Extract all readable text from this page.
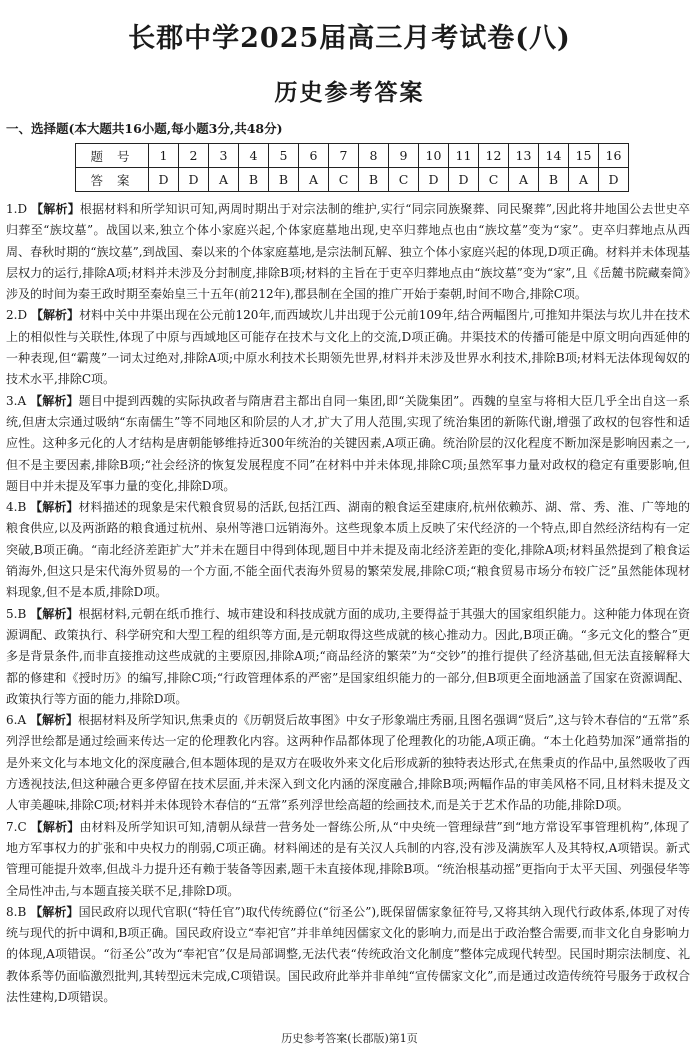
长郡中学2025届高三月考试卷(八)
历史参考答案
一、选择题(本大题共16小题,每小题3分,共48分)
题号	1	2	3	4	5	6	7	8	9	10	11	12	13	14	15	16
答案	D	D	A	B	B	A	C	B	C	D	D	C	A	B	A	D

1.D 【解析】根据材料和所学知识可知,两周时期出于对宗法制的维护,实行“同宗同族聚葬、同民聚葬”,因此将井地国公去世史卒归葬至“族坟墓”。战国以来,独立个体小家庭兴起,个体家庭墓地出现,史卒归葬地点也由“族坟墓”变为“家”。吏卒归葬地点从西周、春秋时期的“族坟墓”,到战国、秦以来的个体家庭墓地,是宗法制瓦解、独立个体小家庭兴起的体现,D项正确。材料并未体现基层权力的运行,排除A项;材料并未涉及分封制度,排除B项;材料的主旨在于吏卒归葬地点由“族坟墓”变为“家”,且《岳麓书院藏秦简》涉及的时间为秦王政时期至秦始皇三十五年(前212年),郡县制在全国的推广开始于秦朝,时间不吻合,排除C项。

2.D 【解析】材料中关中井渠出现在公元前120年,而西域坎儿井出现于公元前109年,结合两幅图片,可推知井渠法与坎儿井在技术上的相似性与关联性,体现了中原与西域地区可能存在技术与文化上的交流,D项正确。井渠技术的传播可能是中原文明向西延伸的一种表现,但“霸蔑”一词太过绝对,排除A项;中原水利技术长期领先世界,材料并未涉及世界水利技术,排除B项;材料无法体现匈奴的技术水平,排除C项。

3.A 【解析】题目中提到西魏的实际执政者与隋唐君主都出自同一集团,即“关陇集团”。西魏的皇室与将相大臣几乎全出自这一系统,但唐太宗通过吸纳“东南儒生”等不同地区和阶层的人才,扩大了用人范围,实现了统治集团的新陈代谢,增强了政权的包容性和适应性。这种多元化的人才结构是唐朝能够维持近300年统治的关键因素,A项正确。统治阶层的汉化程度不断加深是影响因素之一,但不是主要因素,排除B项;“社会经济的恢复发展程度不同”在材料中并未体现,排除C项;虽然军事力量对政权的稳定有重要影响,但题目中并未提及军事力量的变化,排除D项。

4.B 【解析】材料描述的现象是宋代粮食贸易的活跃,包括江西、湖南的粮食运至建康府,杭州依赖苏、湖、常、秀、淮、广等地的粮食供应,以及两浙路的粮食通过杭州、泉州等港口远销海外。这些现象本质上反映了宋代经济的一个特点,即自然经济结构有一定突破,B项正确。“南北经济差距扩大”并未在题目中得到体现,题目中并未提及南北经济差距的变化,排除A项;材料虽然提到了粮食运销海外,但这只是宋代海外贸易的一个方面,不能全面代表海外贸易的繁荣发展,排除C项;“粮食贸易市场分布较广泛”虽然能体现材料现象,但不是本质,排除D项。

5.B 【解析】根据材料,元朝在纸币推行、城市建设和科技成就方面的成功,主要得益于其强大的国家组织能力。这种能力体现在资源调配、政策执行、科学研究和大型工程的组织等方面,是元朝取得这些成就的核心推动力。因此,B项正确。“多元文化的整合”更多是背景条件,而非直接推动这些成就的主要原因,排除A项;“商品经济的繁荣”为“交钞”的推行提供了经济基础,但无法直接解释大都的修建和《授时历》的编写,排除C项;“行政管理体系的严密”是国家组织能力的一部分,但B项更全面地涵盖了国家在资源调配、政策执行等方面的能力,排除D项。

6.A 【解析】根据材料及所学知识,焦秉贞的《历朝贤后故事图》中女子形象端庄秀丽,且图名强调“贤后”,这与铃木春信的“五常”系列浮世绘都是通过绘画来传达一定的伦理教化内容。这两种作品都体现了伦理教化的功能,A项正确。“本土化趋势加深”通常指的是外来文化与本地文化的深度融合,但本题体现的是双方在吸收外来文化后形成新的独特表达形式,在焦秉贞的作品中,虽然吸收了西方透视技法,但这种融合更多停留在技术层面,并未深入到文化内涵的深度融合,排除B项;两幅作品的审美风格不同,且材料未提及文人审美趣味,排除C项;材料并未体现铃木春信的“五常”系列浮世绘高超的绘画技术,而是关于艺术作品的功能,排除D项。

7.C 【解析】由材料及所学知识可知,清朝从绿营一营务处一督练公所,从“中央统一管理绿营”到“地方常设军事管理机构”,体现了地方军事权力的扩张和中央权力的削弱,C项正确。材料阐述的是有关汉人兵制的内容,没有涉及满族军人及其特权,A项错误。新式管理可能提升效率,但战斗力提升还有赖于装备等因素,题干未直接体现,排除B项。“统治根基动摇”更指向于太平天国、列强侵华等全局性冲击,与本题直接关联不足,排除D项。

8.B 【解析】国民政府以现代官职(“特任官”)取代传统爵位(“衍圣公”),既保留儒家象征符号,又将其纳入现代行政体系,体现了对传统与现代的折中调和,B项正确。国民政府设立“奉祀官”并非单纯因儒家文化的影响力,而是出于政治整合需要,而非文化自身影响力的体现,A项错误。“衍圣公”改为“奉祀官”仅是局部调整,无法代表“传统政治文化制度”整体完成现代转型。民国时期宗法制度、礼教体系等仍面临激烈批判,其转型远未完成,C项错误。国民政府此举并非单纯“宣传儒家文化”,而是通过改造传统符号服务于政权合法性建构,D项错误。

历史参考答案(长郡版)第1页
